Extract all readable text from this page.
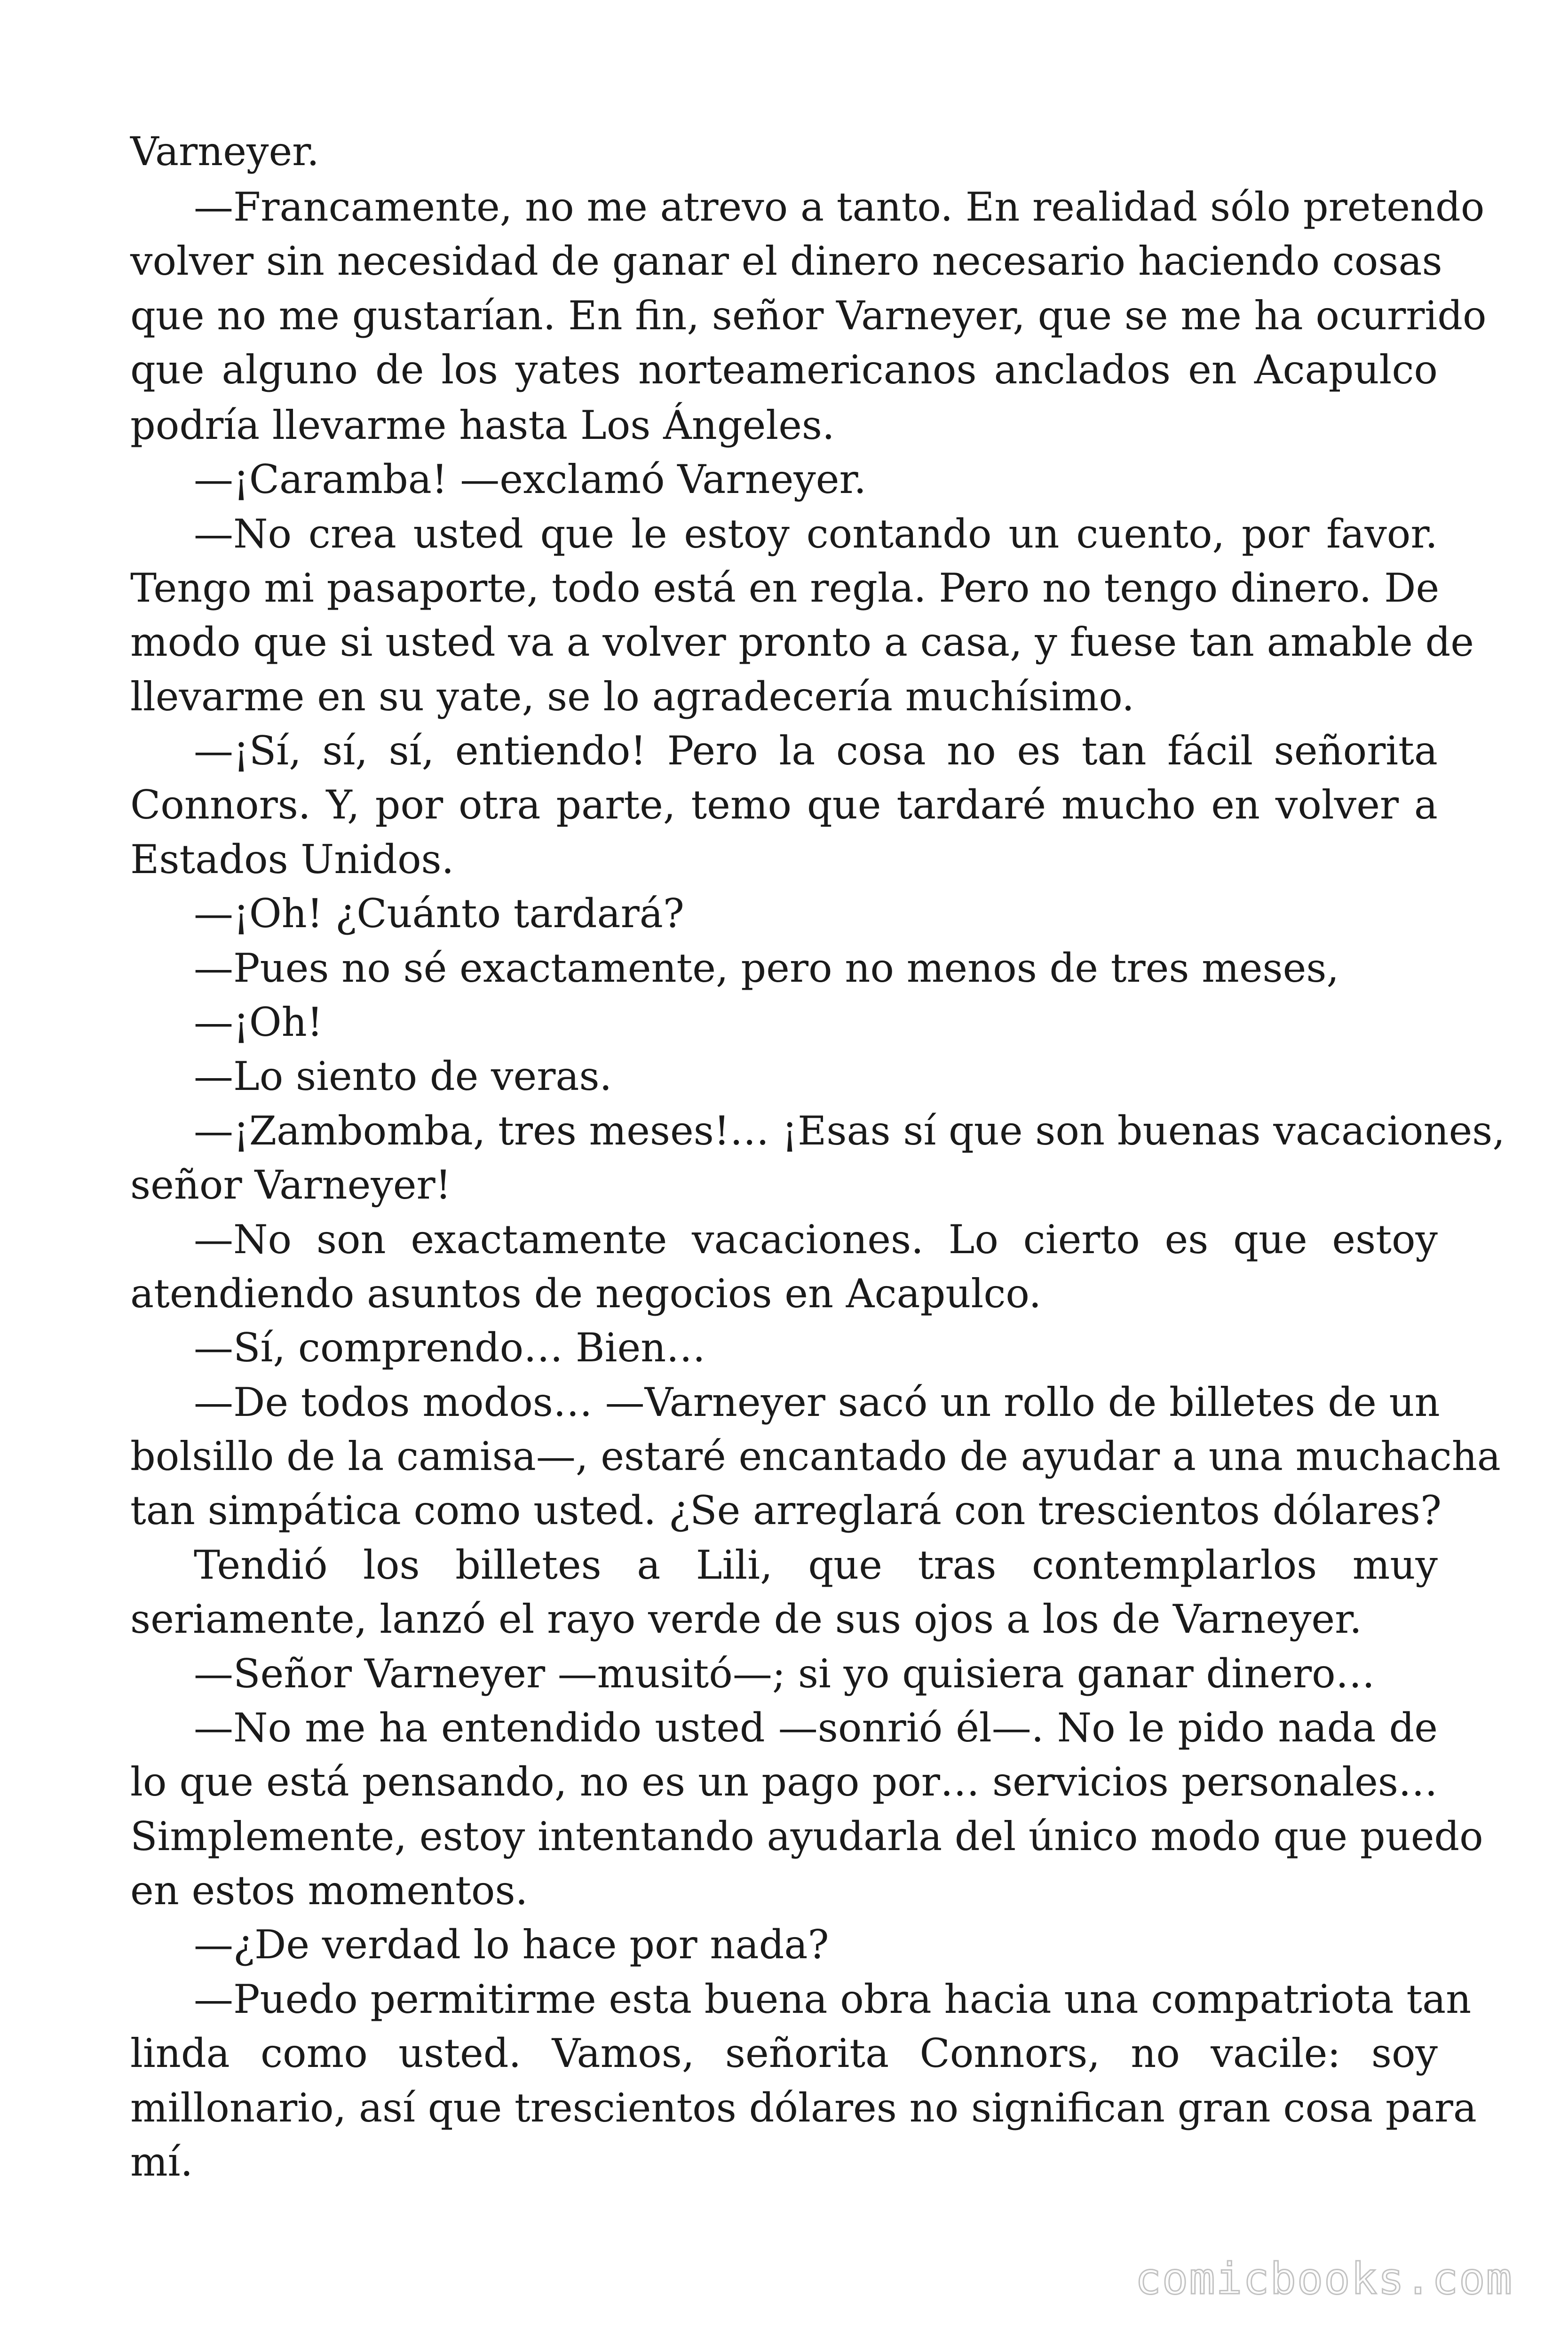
Varneyer.
—Francamente, no me atrevo a tanto. En realidad sólo pretendo
volver sin necesidad de ganar el dinero necesario haciendo cosas
que no me gustarían. En fin, señor Varneyer, que se me ha ocurrido
que alguno de los yates norteamericanos anclados en Acapulco
podría llevarme hasta Los Ángeles.
—¡Caramba! —exclamó Varneyer.
—No crea usted que le estoy contando un cuento, por favor.
Tengo mi pasaporte, todo está en regla. Pero no tengo dinero. De
modo que si usted va a volver pronto a casa, y fuese tan amable de
llevarme en su yate, se lo agradecería muchísimo.
—¡Sí, sí, sí, entiendo! Pero la cosa no es tan fácil señorita
Connors. Y, por otra parte, temo que tardaré mucho en volver a
Estados Unidos.
—¡Oh! ¿Cuánto tardará?
—Pues no sé exactamente, pero no menos de tres meses,
—¡Oh!
—Lo siento de veras.
—¡Zambomba, tres meses!… ¡Esas sí que son buenas vacaciones,
señor Varneyer!
—No son exactamente vacaciones. Lo cierto es que estoy
atendiendo asuntos de negocios en Acapulco.
—Sí, comprendo… Bien…
—De todos modos… —Varneyer sacó un rollo de billetes de un
bolsillo de la camisa—, estaré encantado de ayudar a una muchacha
tan simpática como usted. ¿Se arreglará con trescientos dólares?
Tendió los billetes a Lili, que tras contemplarlos muy
seriamente, lanzó el rayo verde de sus ojos a los de Varneyer.
—Señor Varneyer —musitó—; si yo quisiera ganar dinero…
—No me ha entendido usted —sonrió él—. No le pido nada de
lo que está pensando, no es un pago por… servicios personales…
Simplemente, estoy intentando ayudarla del único modo que puedo
en estos momentos.
—¿De verdad lo hace por nada?
—Puedo permitirme esta buena obra hacia una compatriota tan
linda como usted. Vamos, señorita Connors, no vacile: soy
millonario, así que trescientos dólares no significan gran cosa para
mí.
comicbooks.com
